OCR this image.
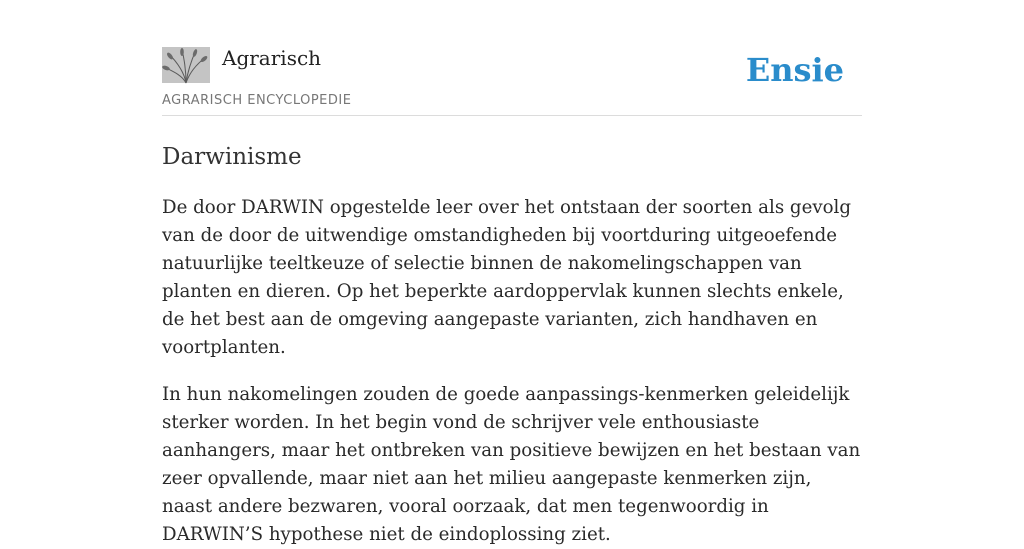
Agrarisch
AGRARISCH ENCYCLOPEDIE
Ensie
Darwinisme

De door DARWIN opgestelde leer over het ontstaan der soorten als gevolg van de door de uitwendige omstandigheden bij voortduring uitgeoefende natuurlijke teeltkeuze of selectie binnen de nakomelingschappen van planten en dieren. Op het beperkte aardoppervlak kunnen slechts enkele, de het best aan de omgeving aangepaste varianten, zich handhaven en voortplanten.

In hun nakomelingen zouden de goede aanpassings-kenmerken geleidelijk sterker worden. In het begin vond de schrijver vele enthousiaste aanhangers, maar het ontbreken van positieve bewijzen en het bestaan van zeer opvallende, maar niet aan het milieu aangepaste kenmerken zijn, naast andere bezwaren, vooral oorzaak, dat men tegenwoordig in DARWIN’S hypothese niet de eindoplossing ziet.
